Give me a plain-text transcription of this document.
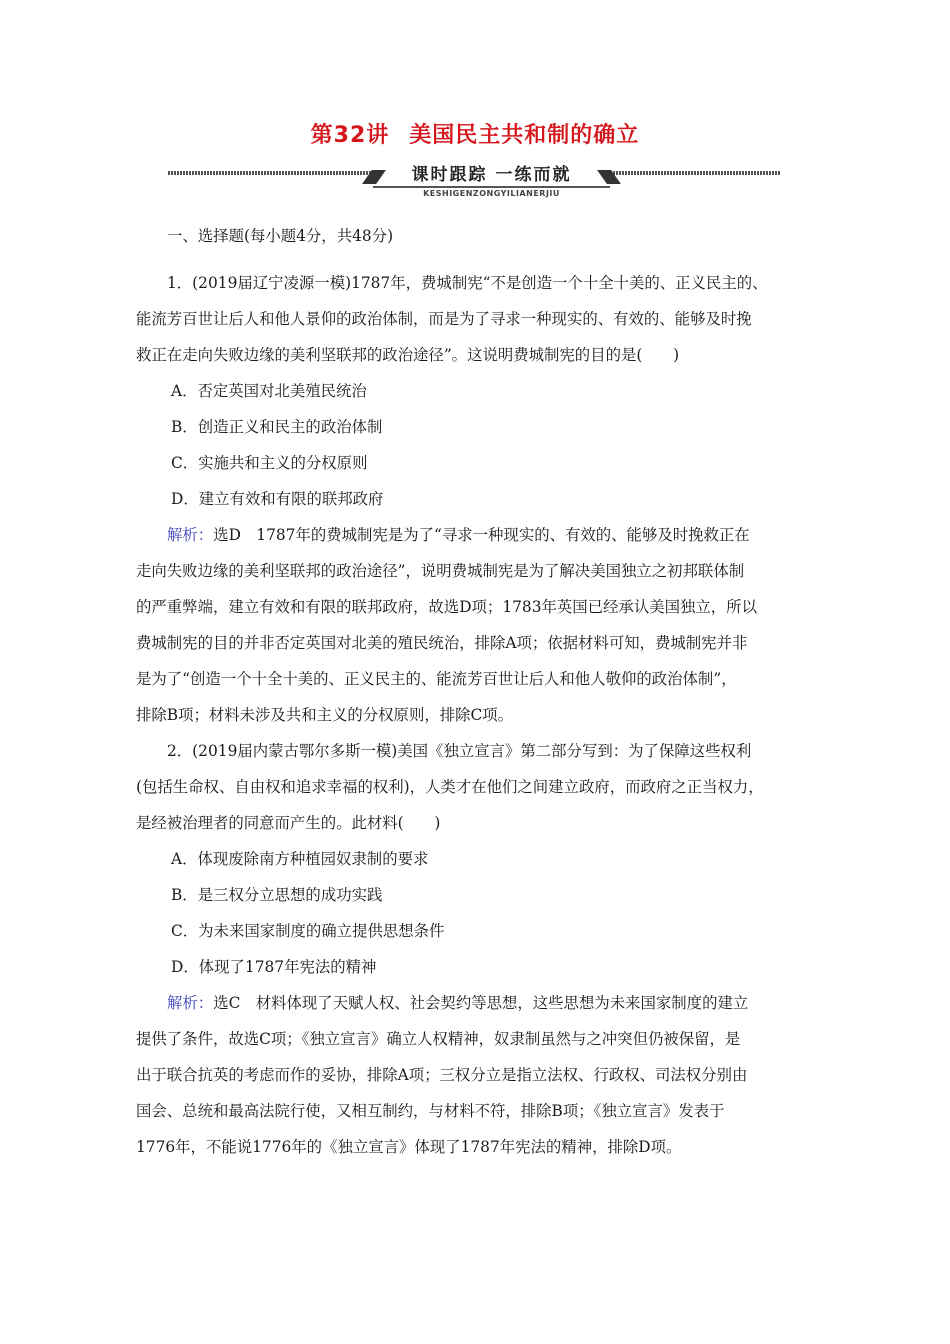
第32讲 美国民主共和制的确立
课时跟踪 一练而就
KESHIGENZONGYILIANERJIU
一、选择题(每小题4分，共48分)
1．(2019届辽宁凌源一模)1787年，费城制宪“不是创造一个十全十美的、正义民主的、
能流芳百世让后人和他人景仰的政治体制，而是为了寻求一种现实的、有效的、能够及时挽
救正在走向失败边缘的美利坚联邦的政治途径”。这说明费城制宪的目的是(　　)
A．否定英国对北美殖民统治
B．创造正义和民主的政治体制
C．实施共和主义的分权原则
D．建立有效和有限的联邦政府
解析：选D　1787年的费城制宪是为了“寻求一种现实的、有效的、能够及时挽救正在
走向失败边缘的美利坚联邦的政治途径”，说明费城制宪是为了解决美国独立之初邦联体制
的严重弊端，建立有效和有限的联邦政府，故选D项；1783年英国已经承认美国独立，所以
费城制宪的目的并非否定英国对北美的殖民统治，排除A项；依据材料可知，费城制宪并非
是为了“创造一个十全十美的、正义民主的、能流芳百世让后人和他人敬仰的政治体制”，
排除B项；材料未涉及共和主义的分权原则，排除C项。
2．(2019届内蒙古鄂尔多斯一模)美国《独立宣言》第二部分写到：为了保障这些权利
(包括生命权、自由权和追求幸福的权利)，人类才在他们之间建立政府，而政府之正当权力，
是经被治理者的同意而产生的。此材料(　　)
A．体现废除南方种植园奴隶制的要求
B．是三权分立思想的成功实践
C．为未来国家制度的确立提供思想条件
D．体现了1787年宪法的精神
解析：选C　材料体现了天赋人权、社会契约等思想，这些思想为未来国家制度的建立
提供了条件，故选C项；《独立宣言》确立人权精神，奴隶制虽然与之冲突但仍被保留，是
出于联合抗英的考虑而作的妥协，排除A项；三权分立是指立法权、行政权、司法权分别由
国会、总统和最高法院行使，又相互制约，与材料不符，排除B项；《独立宣言》发表于
1776年，不能说1776年的《独立宣言》体现了1787年宪法的精神，排除D项。
